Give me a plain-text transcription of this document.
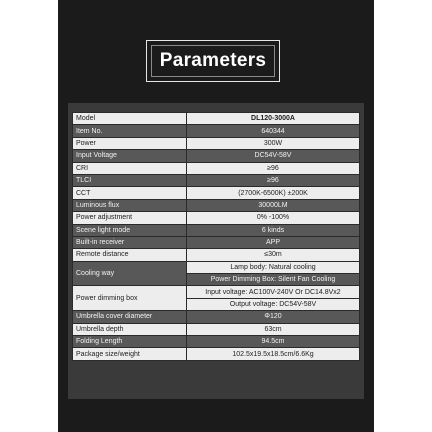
Parameters
Model	DL120-3000A
Item No.	640344
Power	300W
Input Voltage	DC54V-58V
CRI	≥96
TLCI	≥96
CCT	(2700K-6500K) ±200K
Luminous flux	30000LM
Power adjustment	0% -100%
Scene light mode	6 kinds
Built-in receiver	APP
Remote distance	≤30m
Cooling way	Lamp body: Natural cooling
	Power Dimming Box: Silent Fan Cooling
Power dimming box	Input voltage: AC100V-240V Or DC14.8Vx2
	Output voltage: DC54V-58V
Umbrella cover diameter	Φ120
Umbrella depth	63cm
Folding Length	94.5cm
Package size/weight	102.5x19.5x18.5cm/6.6Kg
